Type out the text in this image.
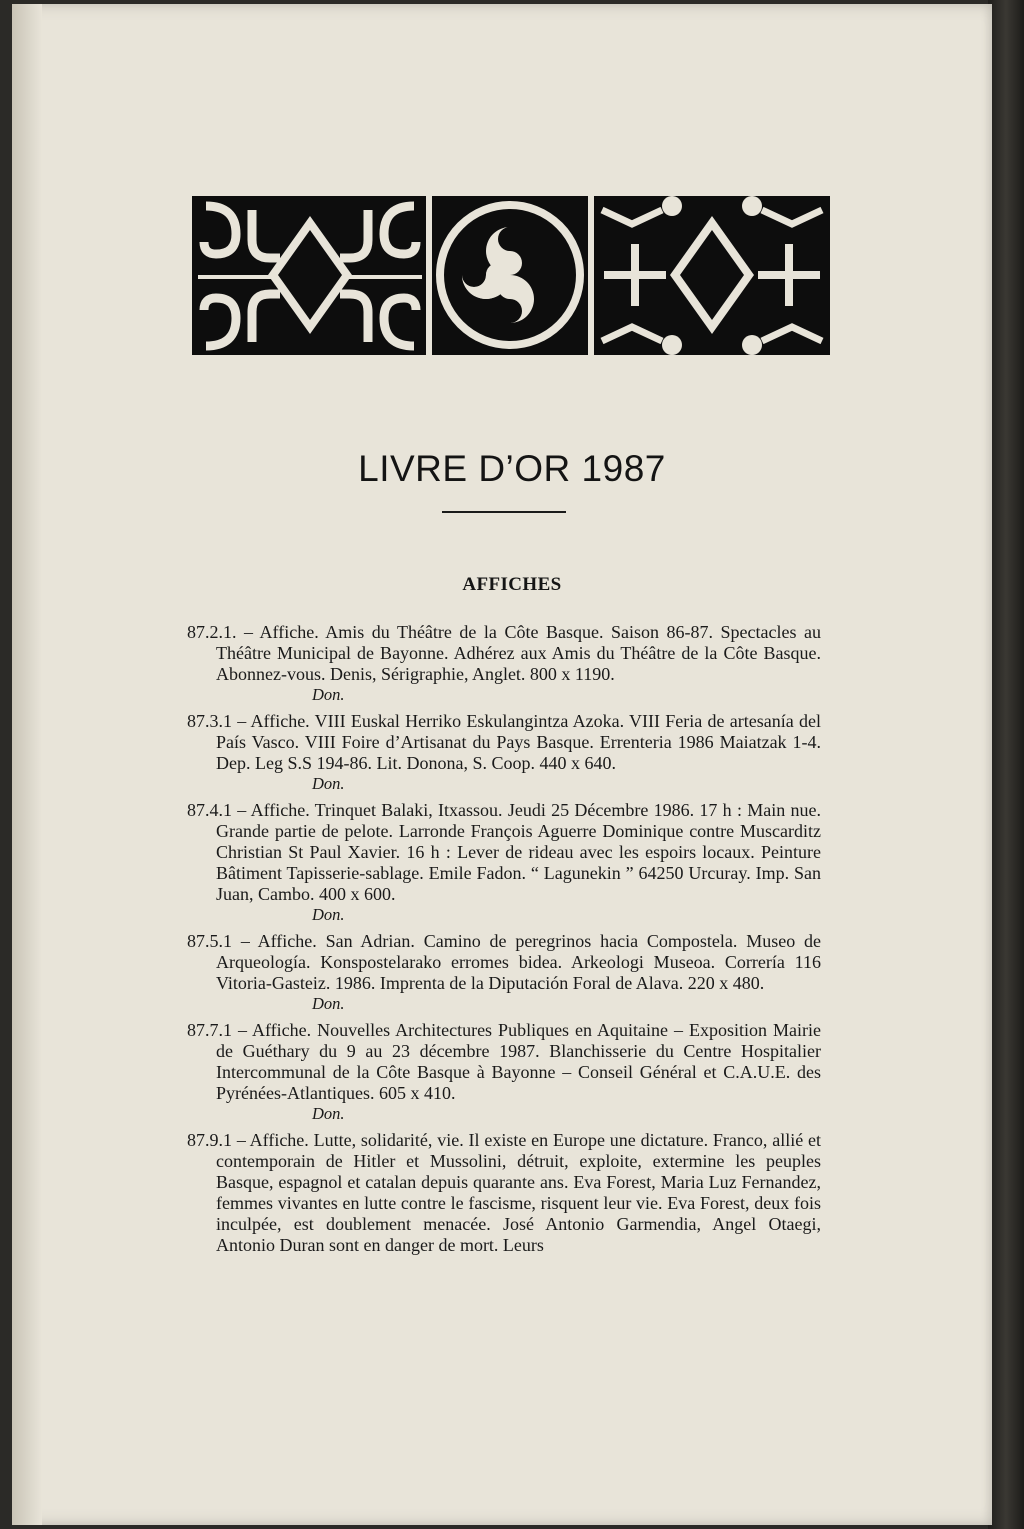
LIVRE D’OR 1987
AFFICHES
87.2.1. – Affiche. Amis du Théâtre de la Côte Basque. Saison 86-87. Spectacles au Théâtre Municipal de Bayonne. Adhérez aux Amis du Théâtre de la Côte Basque. Abonnez-vous. Denis, Sérigraphie, Anglet. 800 x 1190.
Don.
87.3.1 – Affiche. VIII Euskal Herriko Eskulangintza Azoka. VIII Feria de artesanía del País Vasco. VIII Foire d’Artisanat du Pays Basque. Errenteria 1986 Maiatzak 1-4. Dep. Leg S.S 194-86. Lit. Donona, S. Coop. 440 x 640.
Don.
87.4.1 – Affiche. Trinquet Balaki, Itxassou. Jeudi 25 Décembre 1986. 17 h : Main nue. Grande partie de pelote. Larronde François Aguerre Dominique contre Muscarditz Christian St Paul Xavier. 16 h : Lever de rideau avec les espoirs locaux. Peinture Bâtiment Tapisserie-sablage. Emile Fadon. “ Lagunekin ” 64250 Urcuray. Imp. San Juan, Cambo. 400 x 600.
Don.
87.5.1 – Affiche. San Adrian. Camino de peregrinos hacia Compostela. Museo de Arqueología. Konspostelarako erromes bidea. Arkeologi Museoa. Correría 116 Vitoria-Gasteiz. 1986. Imprenta de la Diputación Foral de Alava. 220 x 480.
Don.
87.7.1 – Affiche. Nouvelles Architectures Publiques en Aquitaine – Exposition Mairie de Guéthary du 9 au 23 décembre 1987. Blanchisserie du Centre Hospitalier Intercommunal de la Côte Basque à Bayonne – Conseil Général et C.A.U.E. des Pyrénées-Atlantiques. 605 x 410.
Don.
87.9.1 – Affiche. Lutte, solidarité, vie. Il existe en Europe une dictature. Franco, allié et contemporain de Hitler et Mussolini, détruit, exploite, extermine les peuples Basque, espagnol et catalan depuis quarante ans. Eva Forest, Maria Luz Fernandez, femmes vivantes en lutte contre le fascisme, risquent leur vie. Eva Forest, deux fois inculpée, est doublement menacée. José Antonio Garmendia, Angel Otaegi, Antonio Duran sont en danger de mort. Leurs
